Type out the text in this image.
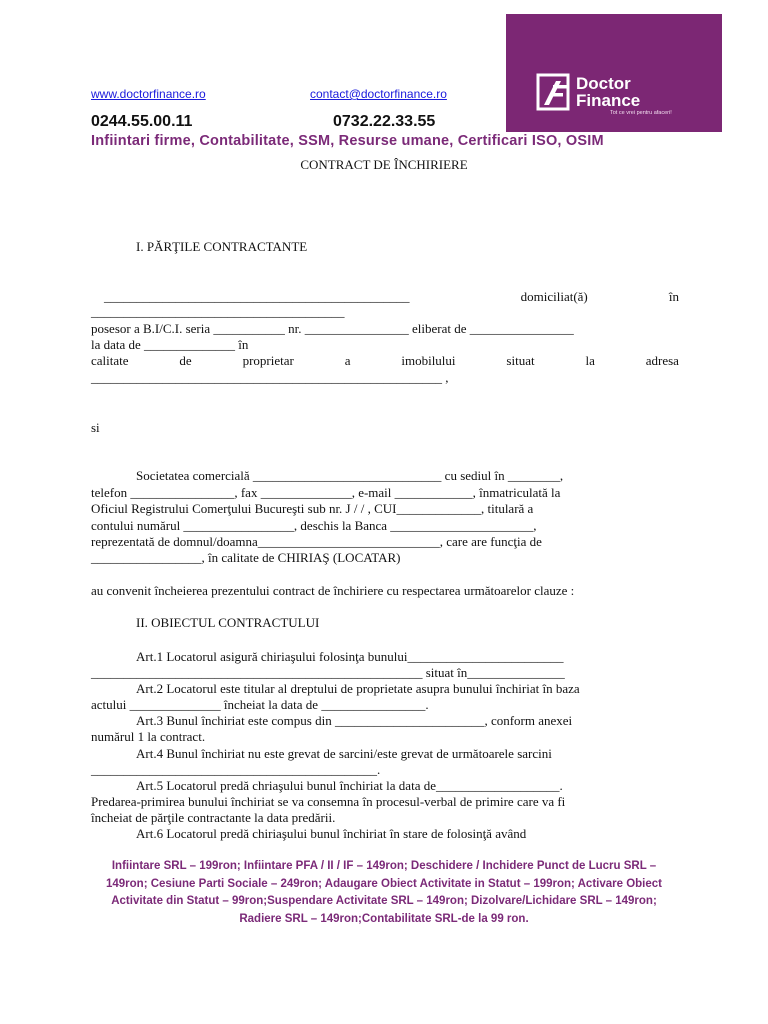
www.doctorfinance.ro	contact@doctorfinance.ro
0244.55.00.11	0732.22.33.55
Infiintari firme, Contabilitate, SSM, Resurse umane, Certificari ISO, OSIM
Doctor
Finance
Tot ce vrei pentru afaceri!
CONTRACT DE ÎNCHIRIERE
I. PĂRŢILE CONTRACTANTE
_______________________________________________	domiciliat(ă)	în
_______________________________________
posesor a B.I/C.I. seria ___________ nr. ________________ eliberat de ________________
la data de ______________ în
calitate	de	proprietar	a	imobilului	situat	la	adresa
______________________________________________________ ,
si
Societatea comercială _____________________________ cu sediul în ________,
telefon ________________, fax ______________, e-mail ____________, înmatriculată la
Oficiul Registrului Comerţului Bucureşti sub nr. J / / , CUI_____________, titulară a
contului numărul _________________, deschis la Banca ______________________,
reprezentată de domnul/doamna____________________________, care are funcţia de
_________________, în calitate de CHIRIAŞ (LOCATAR)
au convenit încheierea prezentului contract de închiriere cu respectarea următoarelor clauze :
II. OBIECTUL CONTRACTULUI
Art.1 Locatorul asigură chiriaşului folosinţa bunului________________________
___________________________________________________ situat în_______________
Art.2 Locatorul este titular al dreptului de proprietate asupra bunului închiriat în baza
actului ______________ încheiat la data de ________________.
Art.3 Bunul închiriat este compus din _______________________, conform anexei
numărul 1 la contract.
Art.4 Bunul închiriat nu este grevat de sarcini/este grevat de următoarele sarcini
____________________________________________.
Art.5 Locatorul predă chriaşului bunul închiriat la data de___________________.
Predarea-primirea bunului închiriat se va consemna în procesul-verbal de primire care va fi
încheiat de părţile contractante la data predării.
Art.6 Locatorul predă chiriaşului bunul închiriat în stare de folosinţă având
Infiintare SRL – 199ron; Infiintare PFA / II / IF – 149ron; Deschidere / Inchidere Punct de Lucru SRL –
149ron; Cesiune Parti Sociale – 249ron; Adaugare Obiect Activitate in Statut – 199ron; Activare Obiect
Activitate din Statut – 99ron;Suspendare Activitate SRL – 149ron; Dizolvare/Lichidare SRL – 149ron;
Radiere SRL – 149ron;Contabilitate SRL-de la 99 ron.
